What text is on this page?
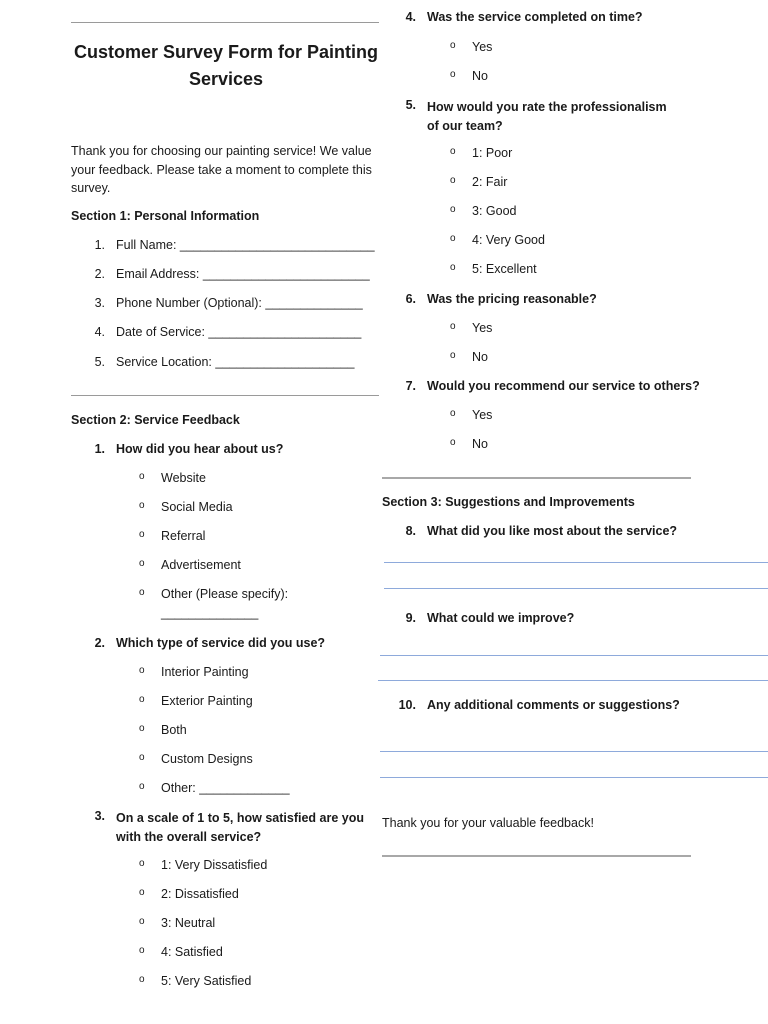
Customer Survey Form for Painting Services
Thank you for choosing our painting service! We value your feedback. Please take a moment to complete this survey.
Section 1: Personal Information
1. Full Name: ____________________________
2. Email Address: ________________________
3. Phone Number (Optional): ______________
4. Date of Service: ______________________
5. Service Location: ____________________
Section 2: Service Feedback
1. How did you hear about us?
o Website
o Social Media
o Referral
o Advertisement
o Other (Please specify):
______________
2. Which type of service did you use?
o Interior Painting
o Exterior Painting
o Both
o Custom Designs
o Other: _____________
3. On a scale of 1 to 5, how satisfied are you with the overall service?
o 1: Very Dissatisfied
o 2: Dissatisfied
o 3: Neutral
o 4: Satisfied
o 5: Very Satisfied
4. Was the service completed on time?
o Yes
o No
5. How would you rate the professionalism of our team?
o 1: Poor
o 2: Fair
o 3: Good
o 4: Very Good
o 5: Excellent
6. Was the pricing reasonable?
o Yes
o No
7. Would you recommend our service to others?
o Yes
o No
Section 3: Suggestions and Improvements
8. What did you like most about the service?
9. What could we improve?
10. Any additional comments or suggestions?
Thank you for your valuable feedback!
